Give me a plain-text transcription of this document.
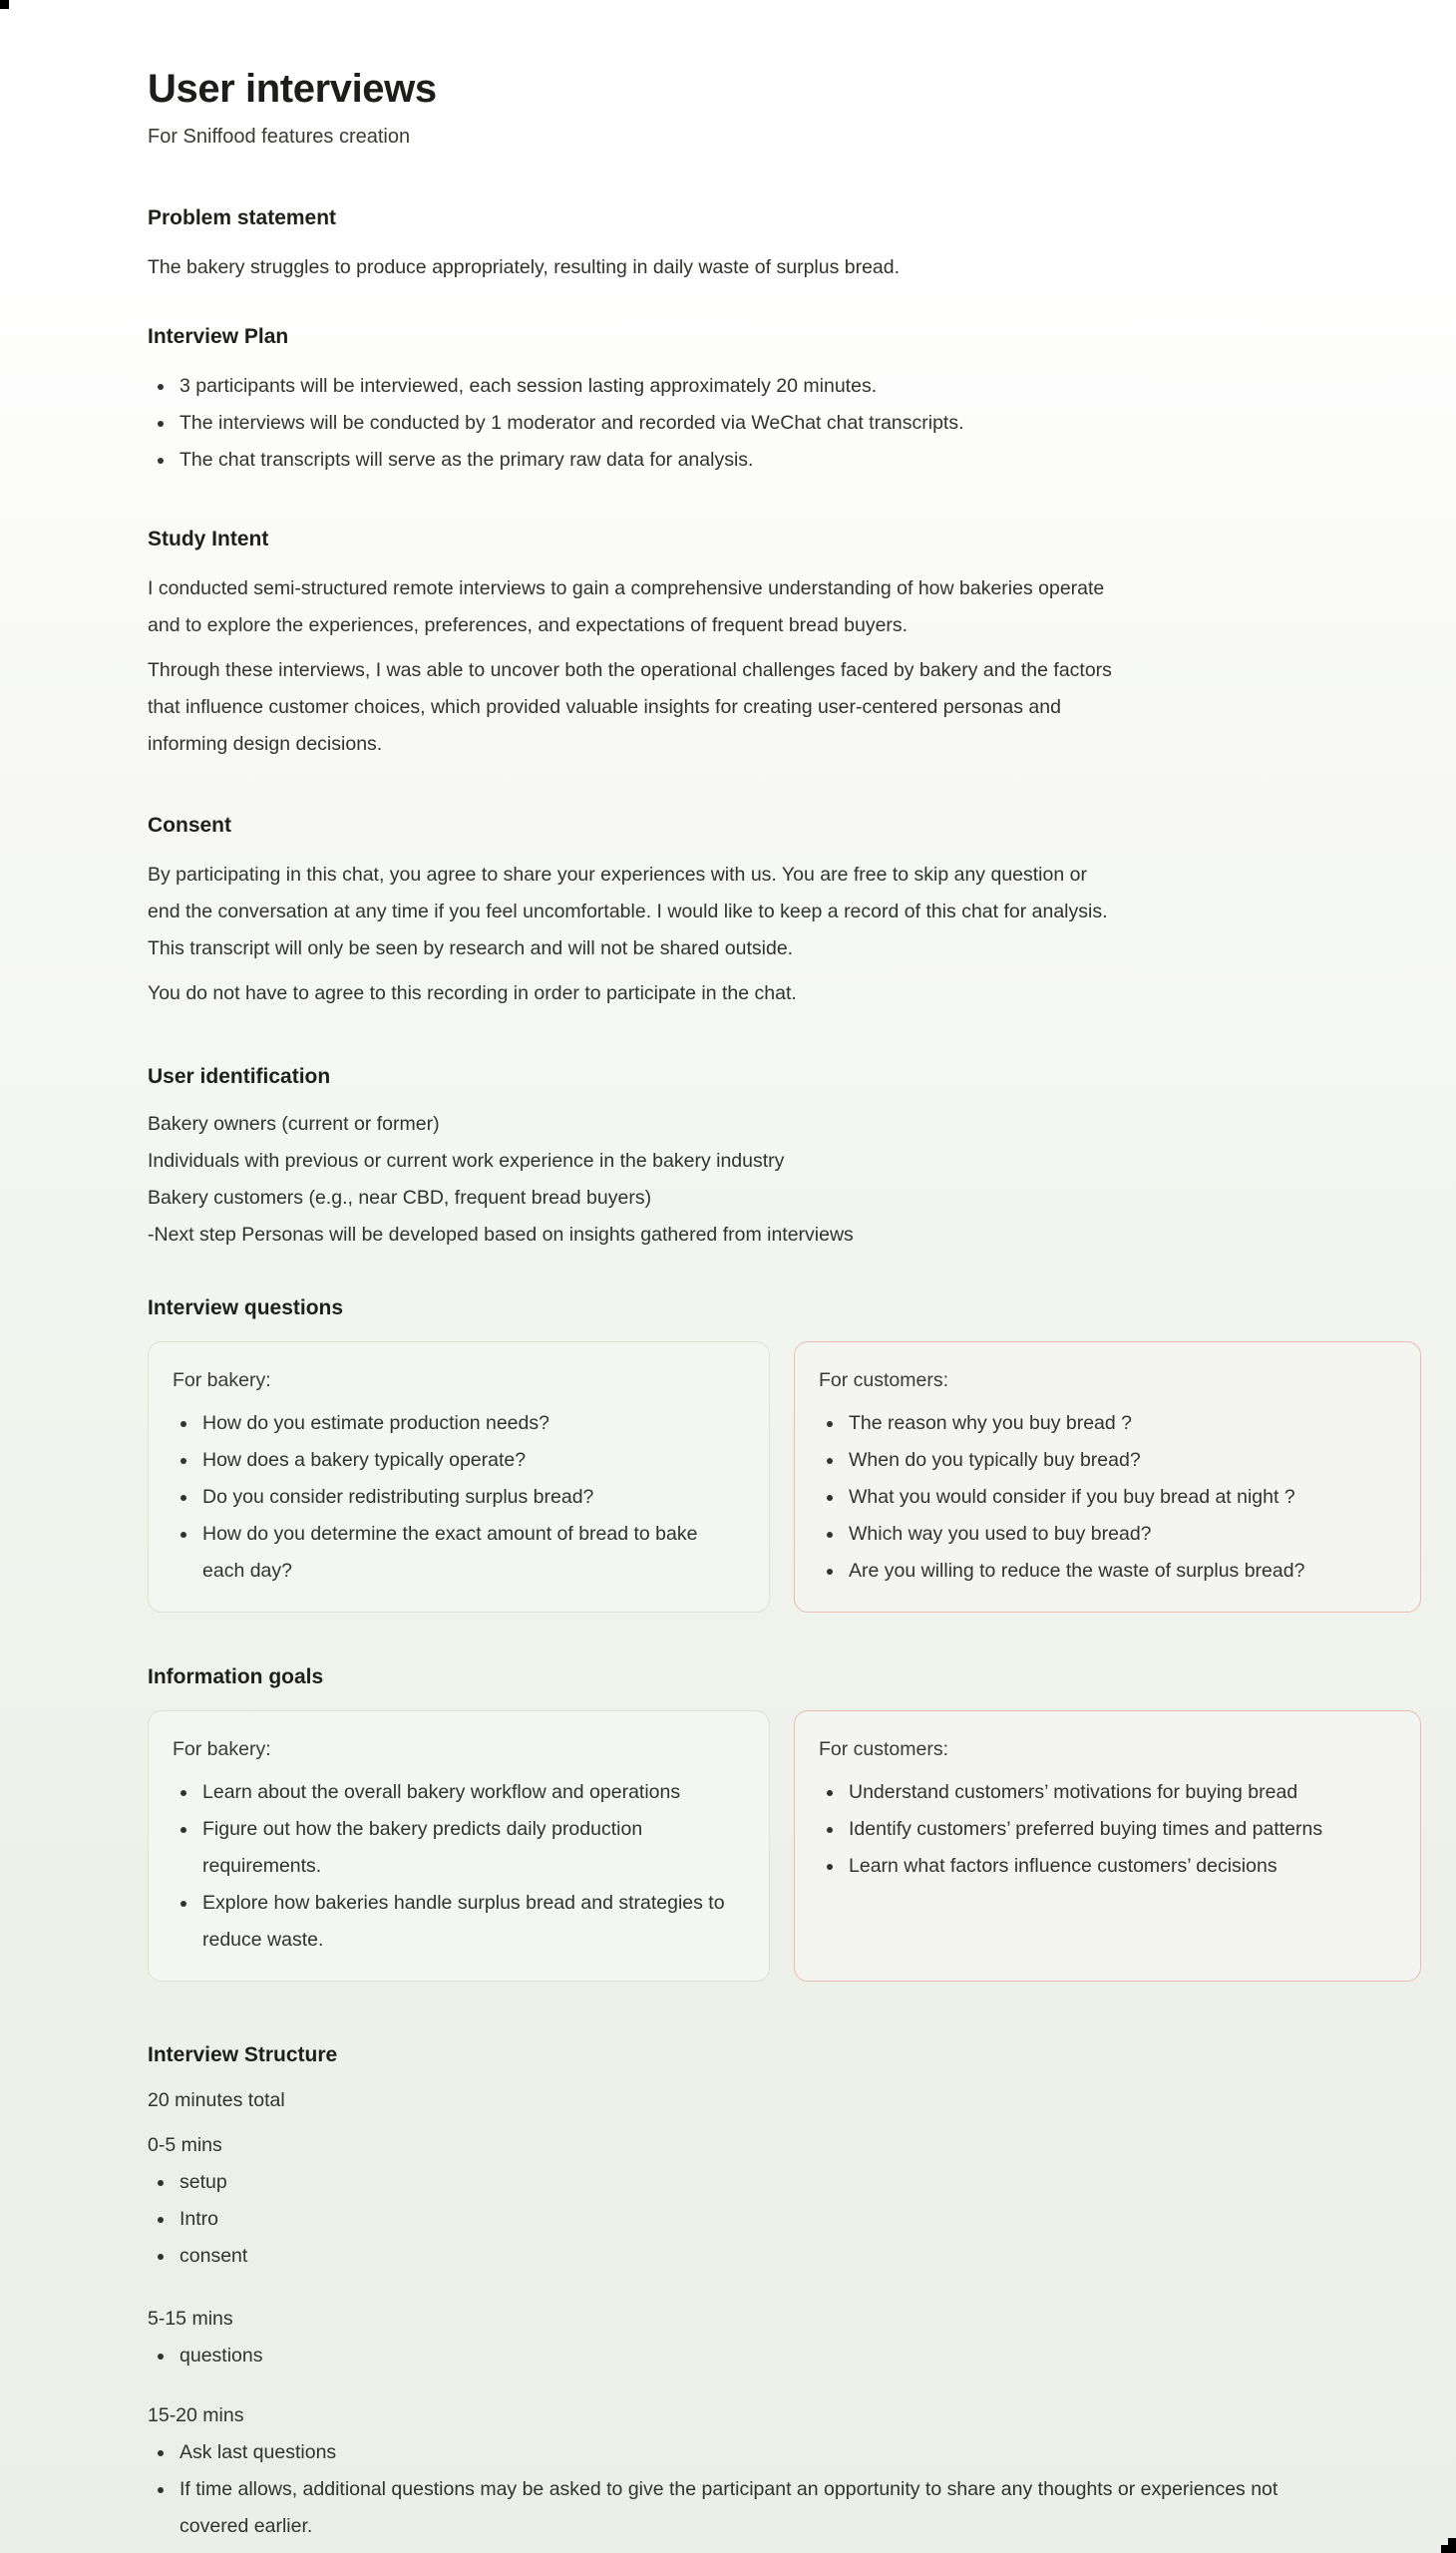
User interviews
For Sniffood features creation
Problem statement

The bakery struggles to produce appropriately, resulting in daily waste of surplus bread.

Interview Plan
• 3 participants will be interviewed, each session lasting approximately 20 minutes.
• The interviews will be conducted by 1 moderator and recorded via WeChat chat transcripts.
• The chat transcripts will serve as the primary raw data for analysis.
Study Intent

I conducted semi-structured remote interviews to gain a comprehensive understanding of how bakeries operate and to explore the experiences, preferences, and expectations of frequent bread buyers.

Through these interviews, I was able to uncover both the operational challenges faced by bakery and the factors that influence customer choices, which provided valuable insights for creating user-centered personas and informing design decisions.

Consent

By participating in this chat, you agree to share your experiences with us. You are free to skip any question or end the conversation at any time if you feel uncomfortable. I would like to keep a record of this chat for analysis. This transcript will only be seen by research and will not be shared outside.

You do not have to agree to this recording in order to participate in the chat.

User identification

Bakery owners (current or former)

Individuals with previous or current work experience in the bakery industry

Bakery customers (e.g., near CBD, frequent bread buyers)

-Next step Personas will be developed based on insights gathered from interviews

Interview questions

For bakery:

• How do you estimate production needs?
• How does a bakery typically operate?
• Do you consider redistributing surplus bread?
• How do you determine the exact amount of bread to bake each day?

For customers:

• The reason why you buy bread ?
• When do you typically buy bread?
• What you would consider if you buy bread at night ?
• Which way you used to buy bread?
• Are you willing to reduce the waste of surplus bread?
Information goals

For bakery:

• Learn about the overall bakery workflow and operations
• Figure out how the bakery predicts daily production requirements.
• Explore how bakeries handle surplus bread and strategies to reduce waste.

For customers:

• Understand customers’ motivations for buying bread
• Identify customers’ preferred buying times and patterns
• Learn what factors influence customers’ decisions
Interview Structure

20 minutes total

0-5 mins

• setup
• Intro
• consent

5-15 mins

• questions

15-20 mins

• Ask last questions
• If time allows, additional questions may be asked to give the participant an opportunity to share any thoughts or experiences not covered earlier.
